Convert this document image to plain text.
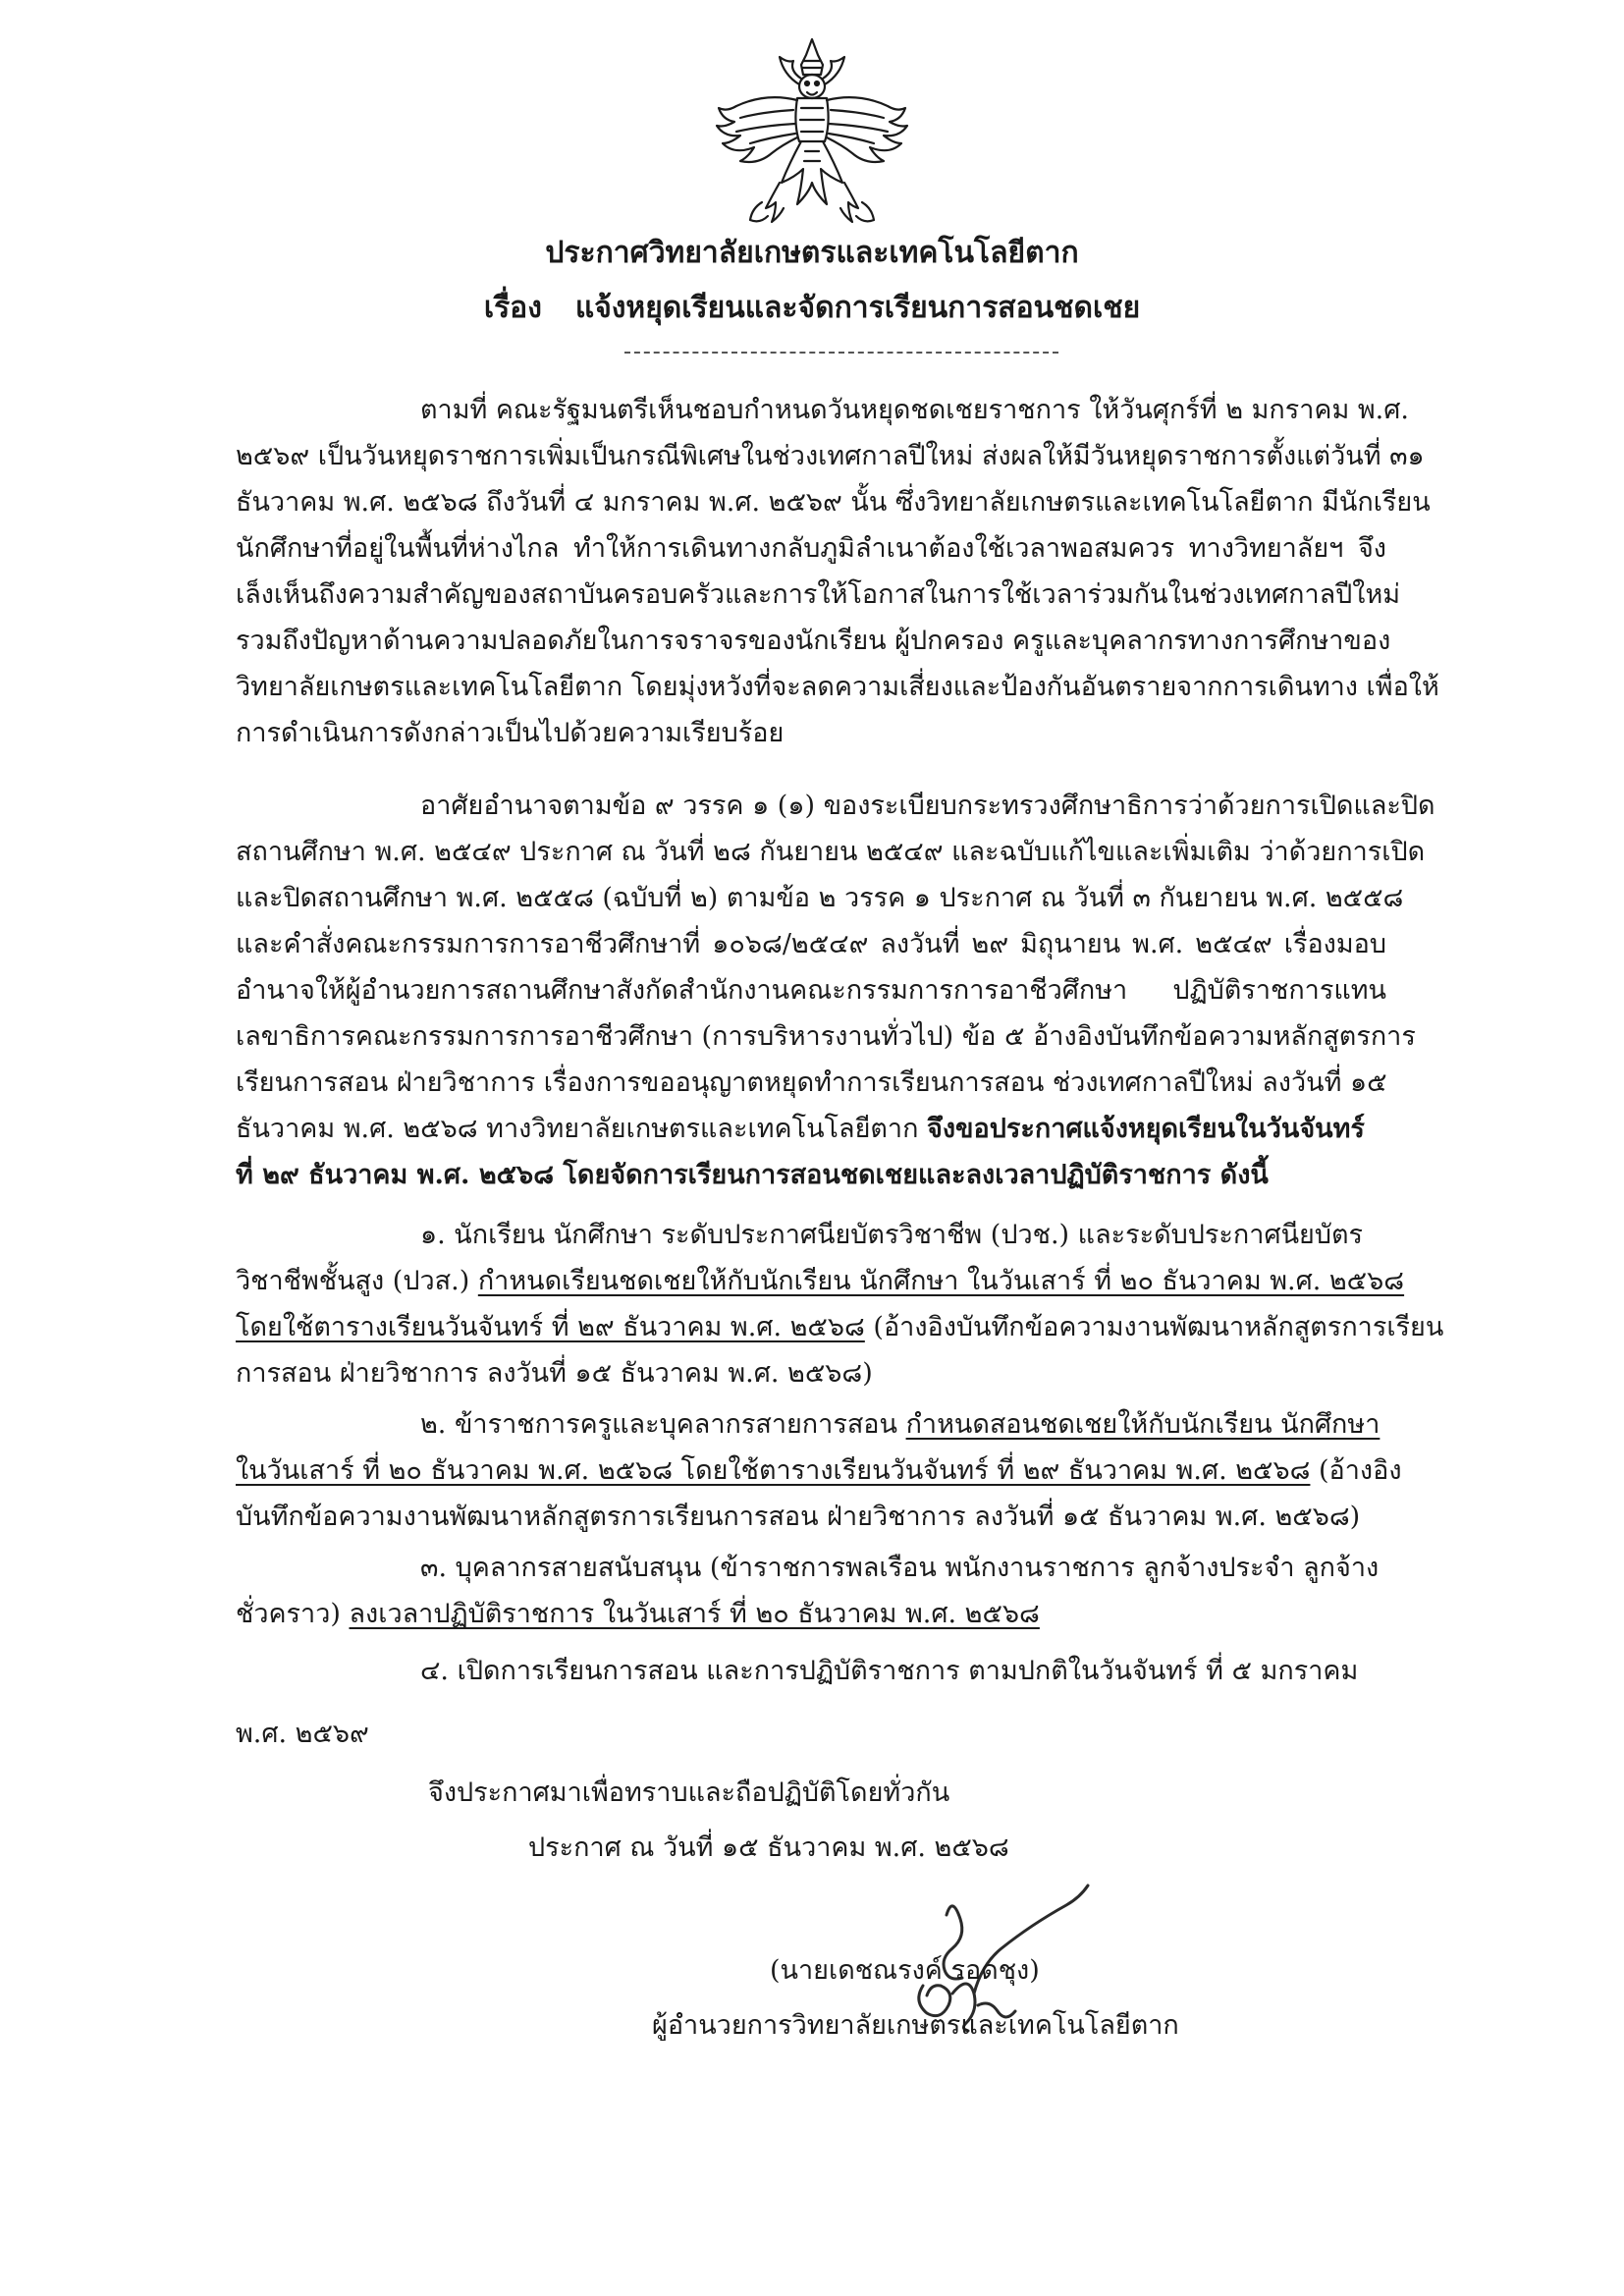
ประกาศวิทยาลัยเกษตรและเทคโนโลยีตาก
เรื่อง แจ้งหยุดเรียนและจัดการเรียนการสอนชดเชย
ตามที่ คณะรัฐมนตรีเห็นชอบกำหนดวันหยุดชดเชยราชการ ให้วันศุกร์ที่ ๒ มกราคม พ.ศ.
๒๕๖๙ เป็นวันหยุดราชการเพิ่มเป็นกรณีพิเศษในช่วงเทศกาลปีใหม่ ส่งผลให้มีวันหยุดราชการตั้งแต่วันที่ ๓๑
ธันวาคม พ.ศ. ๒๕๖๘ ถึงวันที่ ๔ มกราคม พ.ศ. ๒๕๖๙ นั้น ซึ่งวิทยาลัยเกษตรและเทคโนโลยีตาก มีนักเรียน
นักศึกษาที่อยู่ในพื้นที่ห่างไกล ทำให้การเดินทางกลับภูมิลำเนาต้องใช้เวลาพอสมควร ทางวิทยาลัยฯ จึง
เล็งเห็นถึงความสำคัญของสถาบันครอบครัวและการให้โอกาสในการใช้เวลาร่วมกันในช่วงเทศกาลปีใหม่
รวมถึงปัญหาด้านความปลอดภัยในการจราจรของนักเรียน ผู้ปกครอง ครูและบุคลากรทางการศึกษาของ
วิทยาลัยเกษตรและเทคโนโลยีตาก โดยมุ่งหวังที่จะลดความเสี่ยงและป้องกันอันตรายจากการเดินทาง เพื่อให้
การดำเนินการดังกล่าวเป็นไปด้วยความเรียบร้อย
อาศัยอำนาจตามข้อ ๙ วรรค ๑ (๑) ของระเบียบกระทรวงศึกษาธิการว่าด้วยการเปิดและปิด
สถานศึกษา พ.ศ. ๒๕๔๙ ประกาศ ณ วันที่ ๒๘ กันยายน ๒๕๔๙ และฉบับแก้ไขและเพิ่มเติม ว่าด้วยการเปิด
และปิดสถานศึกษา พ.ศ. ๒๕๕๘ (ฉบับที่ ๒) ตามข้อ ๒ วรรค ๑ ประกาศ ณ วันที่ ๓ กันยายน พ.ศ. ๒๕๕๘
และคำสั่งคณะกรรมการการอาชีวศึกษาที่ ๑๐๖๘/๒๕๔๙ ลงวันที่ ๒๙ มิถุนายน พ.ศ. ๒๕๔๙ เรื่องมอบ
อำนาจให้ผู้อำนวยการสถานศึกษาสังกัดสำนักงานคณะกรรมการการอาชีวศึกษา ปฏิบัติราชการแทน
เลขาธิการคณะกรรมการการอาชีวศึกษา (การบริหารงานทั่วไป) ข้อ ๕ อ้างอิงบันทึกข้อความหลักสูตรการ
เรียนการสอน ฝ่ายวิชาการ เรื่องการขออนุญาตหยุดทำการเรียนการสอน ช่วงเทศกาลปีใหม่ ลงวันที่ ๑๕
ธันวาคม พ.ศ. ๒๕๖๘ ทางวิทยาลัยเกษตรและเทคโนโลยีตาก จึงขอประกาศแจ้งหยุดเรียนในวันจันทร์
ที่ ๒๙ ธันวาคม พ.ศ. ๒๕๖๘ โดยจัดการเรียนการสอนชดเชยและลงเวลาปฏิบัติราชการ ดังนี้
๑. นักเรียน นักศึกษา ระดับประกาศนียบัตรวิชาชีพ (ปวช.) และระดับประกาศนียบัตร
วิชาชีพชั้นสูง (ปวส.) กำหนดเรียนชดเชยให้กับนักเรียน นักศึกษา ในวันเสาร์ ที่ ๒๐ ธันวาคม พ.ศ. ๒๕๖๘
โดยใช้ตารางเรียนวันจันทร์ ที่ ๒๙ ธันวาคม พ.ศ. ๒๕๖๘ (อ้างอิงบันทึกข้อความงานพัฒนาหลักสูตรการเรียน
การสอน ฝ่ายวิชาการ ลงวันที่ ๑๕ ธันวาคม พ.ศ. ๒๕๖๘)
๒. ข้าราชการครูและบุคลากรสายการสอน กำหนดสอนชดเชยให้กับนักเรียน นักศึกษา
ในวันเสาร์ ที่ ๒๐ ธันวาคม พ.ศ. ๒๕๖๘ โดยใช้ตารางเรียนวันจันทร์ ที่ ๒๙ ธันวาคม พ.ศ. ๒๕๖๘ (อ้างอิง
บันทึกข้อความงานพัฒนาหลักสูตรการเรียนการสอน ฝ่ายวิชาการ ลงวันที่ ๑๕ ธันวาคม พ.ศ. ๒๕๖๘)
๓. บุคลากรสายสนับสนุน (ข้าราชการพลเรือน พนักงานราชการ ลูกจ้างประจำ ลูกจ้าง
ชั่วคราว) ลงเวลาปฏิบัติราชการ ในวันเสาร์ ที่ ๒๐ ธันวาคม พ.ศ. ๒๕๖๘
๔. เปิดการเรียนการสอน และการปฏิบัติราชการ ตามปกติในวันจันทร์ ที่ ๕ มกราคม
พ.ศ. ๒๕๖๙
จึงประกาศมาเพื่อทราบและถือปฏิบัติโดยทั่วกัน
ประกาศ ณ วันที่ ๑๕ ธันวาคม พ.ศ. ๒๕๖๘
(นายเดชณรงค์ รอดชุง)
ผู้อำนวยการวิทยาลัยเกษตรและเทคโนโลยีตาก
